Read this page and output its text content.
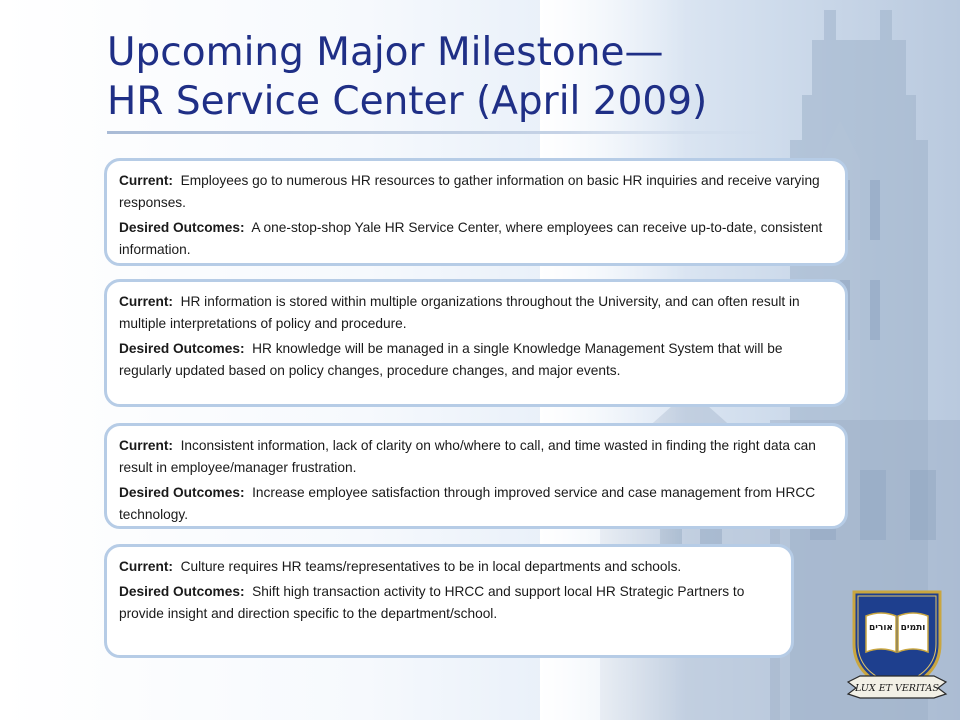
Upcoming Major Milestone—
HR Service Center (April 2009)

Current: Employees go to numerous HR resources to gather information on basic HR inquiries and receive varying responses.

Desired Outcomes: A one-stop-shop Yale HR Service Center, where employees can receive up-to-date, consistent information.

Current: HR information is stored within multiple organizations throughout the University, and can often result in multiple interpretations of policy and procedure.

Desired Outcomes: HR knowledge will be managed in a single Knowledge Management System that will be regularly updated based on policy changes, procedure changes, and major events.

Current: Inconsistent information, lack of clarity on who/where to call, and time wasted in finding the right data can result in employee/manager frustration.

Desired Outcomes: Increase employee satisfaction through improved service and case management from HRCC technology.

Current: Culture requires HR teams/representatives to be in local departments and schools.

Desired Outcomes: Shift high transaction activity to HRCC and support local HR Strategic Partners to provide insight and direction specific to the department/school.

אורים ותמים
LUX ET VERITAS
